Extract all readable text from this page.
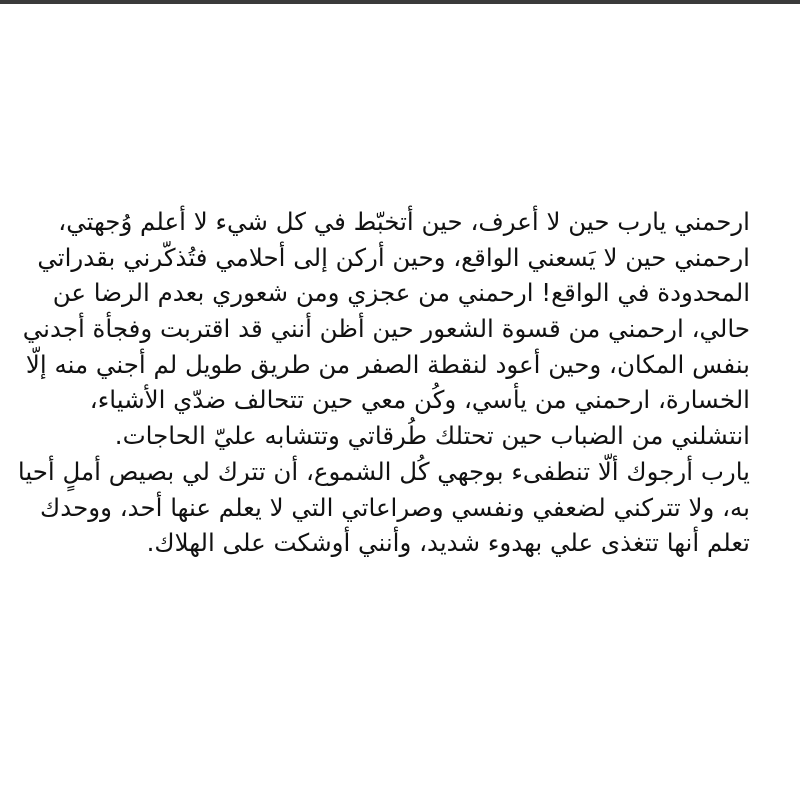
ارحمني يارب حين لا أعرف، حين أتخبّط في كل شيء لا أعلم وُجهتي،
ارحمني حين لا يَسعني الواقع، وحين أركن إلى أحلامي فتُذكّرني بقدراتي
المحدودة في الواقع! ارحمني من عجزي ومن شعوري بعدم الرضا عن
حالي، ارحمني من قسوة الشعور حين أظن أنني قد اقتربت وفجأة أجدني
بنفس المكان، وحين أعود لنقطة الصفر من طريق طويل لم أجني منه إلّا
الخسارة، ارحمني من يأسي، وكُن معي حين تتحالف ضدّي الأشياء،
انتشلني من الضباب حين تحتلك طُرقاتي وتتشابه عليّ الحاجات.
يارب أرجوك ألّا تنطفىء بوجهي كُل الشموع، أن تترك لي بصيص أملٍ أحيا
به، ولا تتركني لضعفي ونفسي وصراعاتي التي لا يعلم عنها أحد، ووحدك
تعلم أنها تتغذى علي بهدوء شديد، وأنني أوشكت على الهلاك.
